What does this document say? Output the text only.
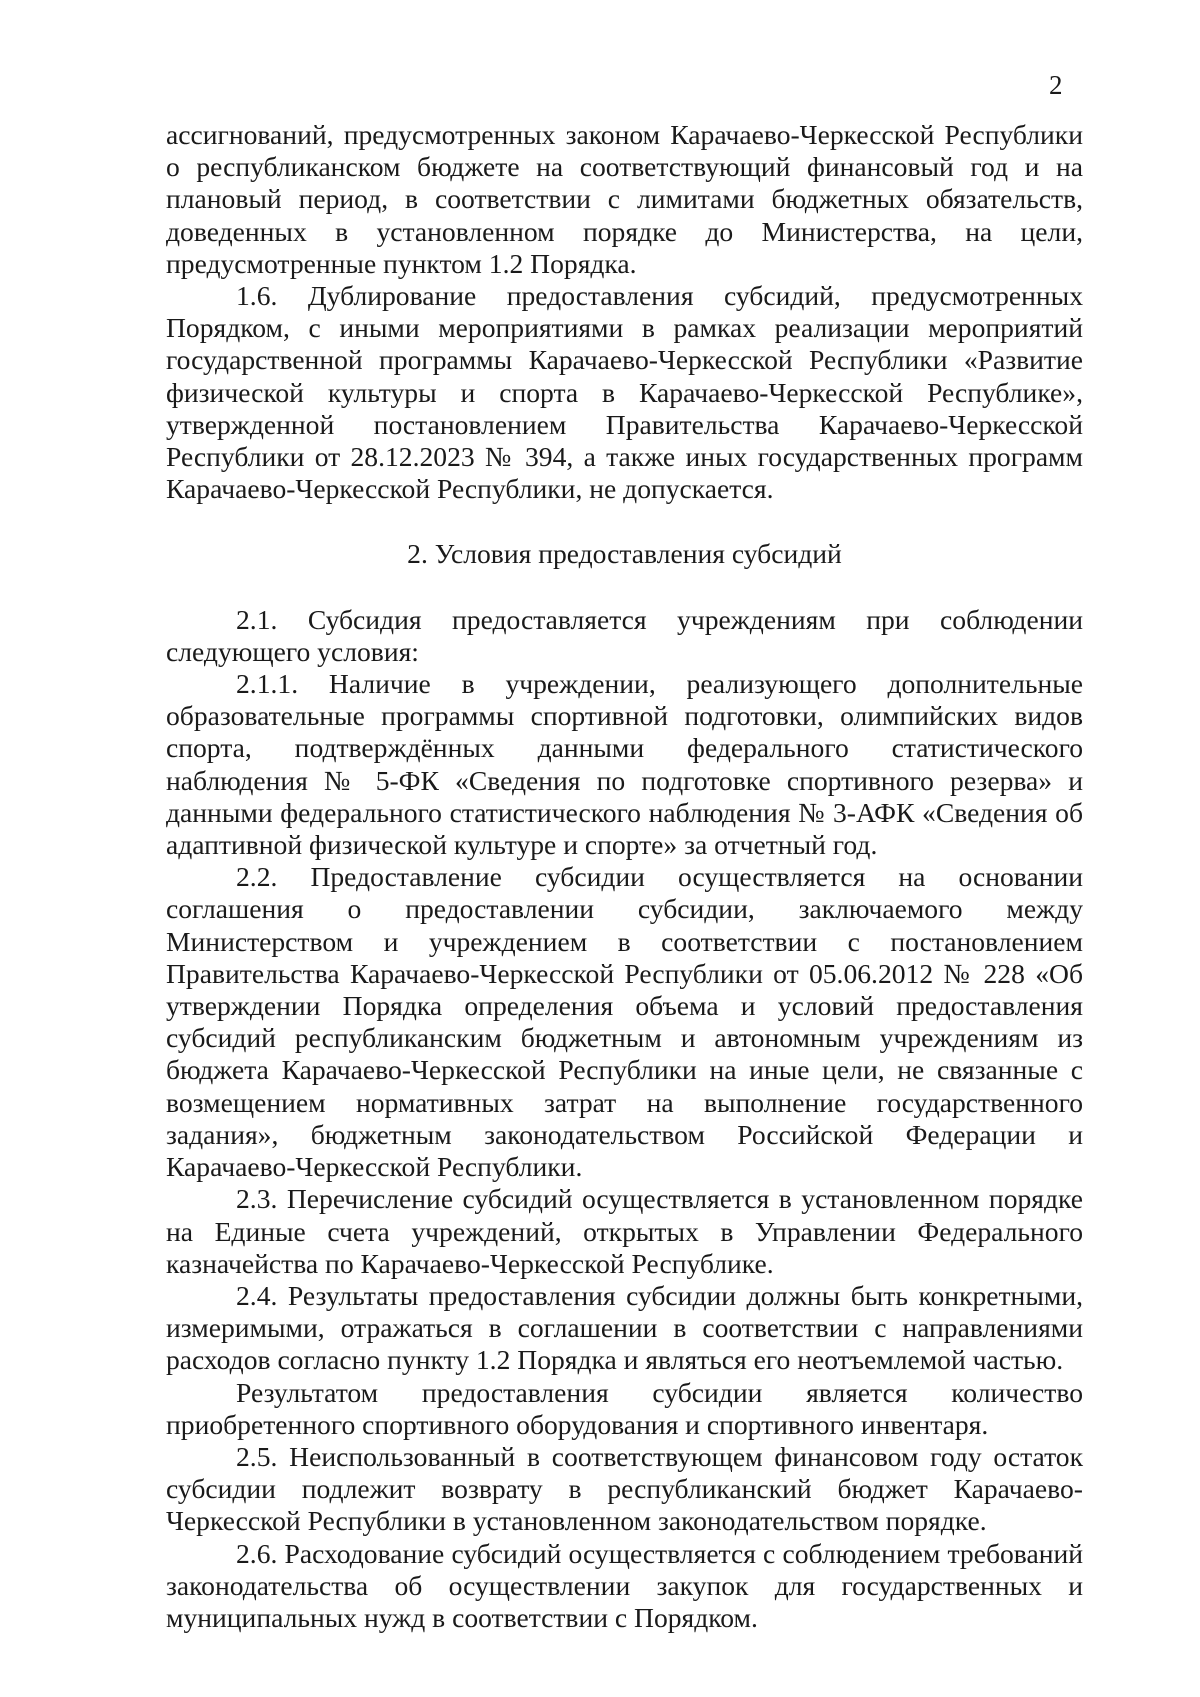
2

ассигнований, предусмотренных законом Карачаево-Черкесской Республики о республиканском бюджете на соответствующий финансовый год и на плановый период, в соответствии с лимитами бюджетных обязательств, доведенных в установленном порядке до Министерства, на цели, предусмотренные пунктом 1.2 Порядка.

1.6. Дублирование предоставления субсидий, предусмотренных Порядком, с иными мероприятиями в рамках реализации мероприятий государственной программы Карачаево-Черкесской Республики «Развитие физической культуры и спорта в Карачаево-Черкесской Республике», утвержденной постановлением Правительства Карачаево-Черкесской Республики от 28.12.2023 № 394, а также иных государственных программ Карачаево-Черкесской Республики, не допускается.

2. Условия предоставления субсидий

2.1. Субсидия предоставляется учреждениям при соблюдении следующего условия:

2.1.1. Наличие в учреждении, реализующего дополнительные образовательные программы спортивной подготовки, олимпийских видов спорта, подтверждённых данными федерального статистического наблюдения № 5-ФК «Сведения по подготовке спортивного резерва» и данными федерального статистического наблюдения № 3-АФК «Сведения об адаптивной физической культуре и спорте» за отчетный год.

2.2. Предоставление субсидии осуществляется на основании соглашения о предоставлении субсидии, заключаемого между Министерством и учреждением в соответствии с постановлением Правительства Карачаево-Черкесской Республики от 05.06.2012 № 228 «Об утверждении Порядка определения объема и условий предоставления субсидий республиканским бюджетным и автономным учреждениям из бюджета Карачаево-Черкесской Республики на иные цели, не связанные с возмещением нормативных затрат на выполнение государственного задания», бюджетным законодательством Российской Федерации и Карачаево-Черкесской Республики.

2.3. Перечисление субсидий осуществляется в установленном порядке на Единые счета учреждений, открытых в Управлении Федерального казначейства по Карачаево-Черкесской Республике.

2.4. Результаты предоставления субсидии должны быть конкретными, измеримыми, отражаться в соглашении в соответствии с направлениями расходов согласно пункту 1.2 Порядка и являться его неотъемлемой частью.

Результатом предоставления субсидии является количество приобретенного спортивного оборудования и спортивного инвентаря.

2.5. Неиспользованный в соответствующем финансовом году остаток субсидии подлежит возврату в республиканский бюджет Карачаево-Черкесской Республики в установленном законодательством порядке.

2.6. Расходование субсидий осуществляется с соблюдением требований законодательства об осуществлении закупок для государственных и муниципальных нужд в соответствии с Порядком.
